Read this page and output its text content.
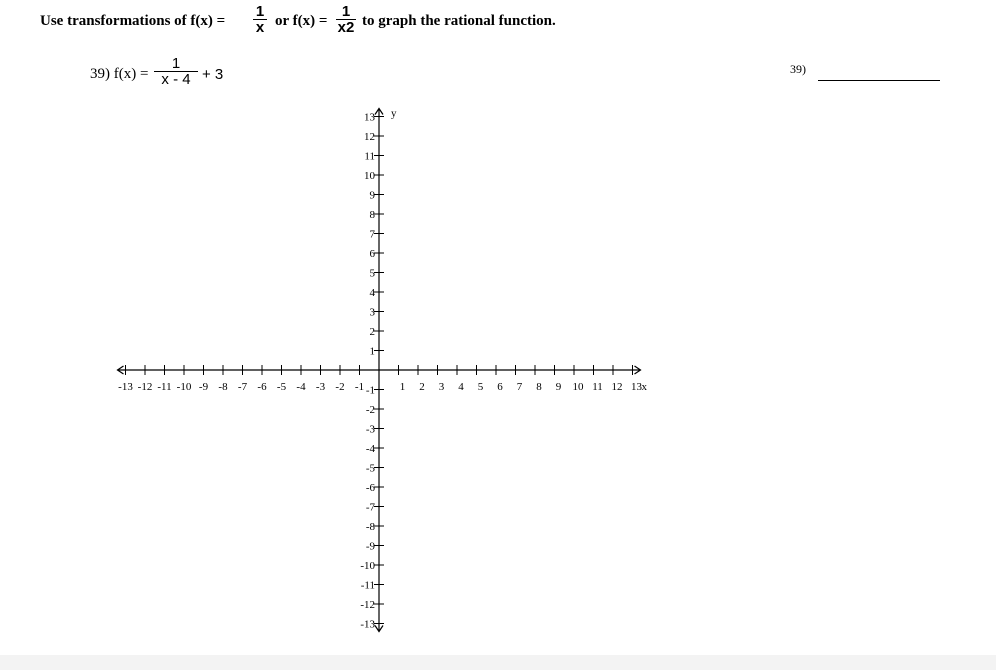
Use transformations of f(x) =
1
x or f(x) =
1
x2 to graph the rational function.
39) f(x) =
1
x - 4 + 3	39)
-13 -12 -11 -10 -9 -8 -7 -6 -5 -4 -3 -2 -1	1 2 3 4 5 6 7 8 9 10 11 12 13
13
12
11
10
9
8
7
6
5
4
3
2
1
-1
-2
-3
-4
-5
-6
-7
-8
-9
-10
-11
-12
-13
x
y
